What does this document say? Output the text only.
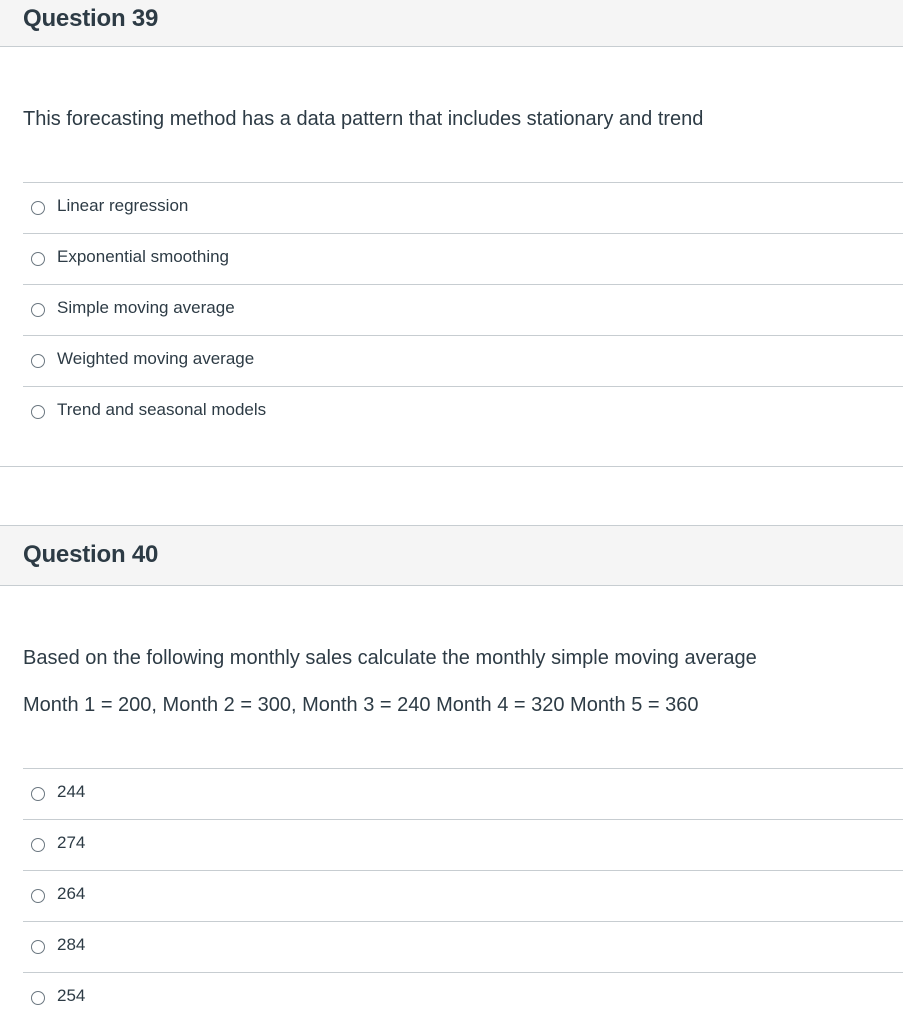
Question 39
This forecasting method has a data pattern that includes stationary and trend
Linear regression
Exponential smoothing
Simple moving average
Weighted moving average
Trend and seasonal models
Question 40
Based on the following monthly sales calculate the monthly simple moving average
Month 1 = 200, Month 2 = 300, Month 3 = 240 Month 4 = 320 Month 5 = 360
244
274
264
284
254
